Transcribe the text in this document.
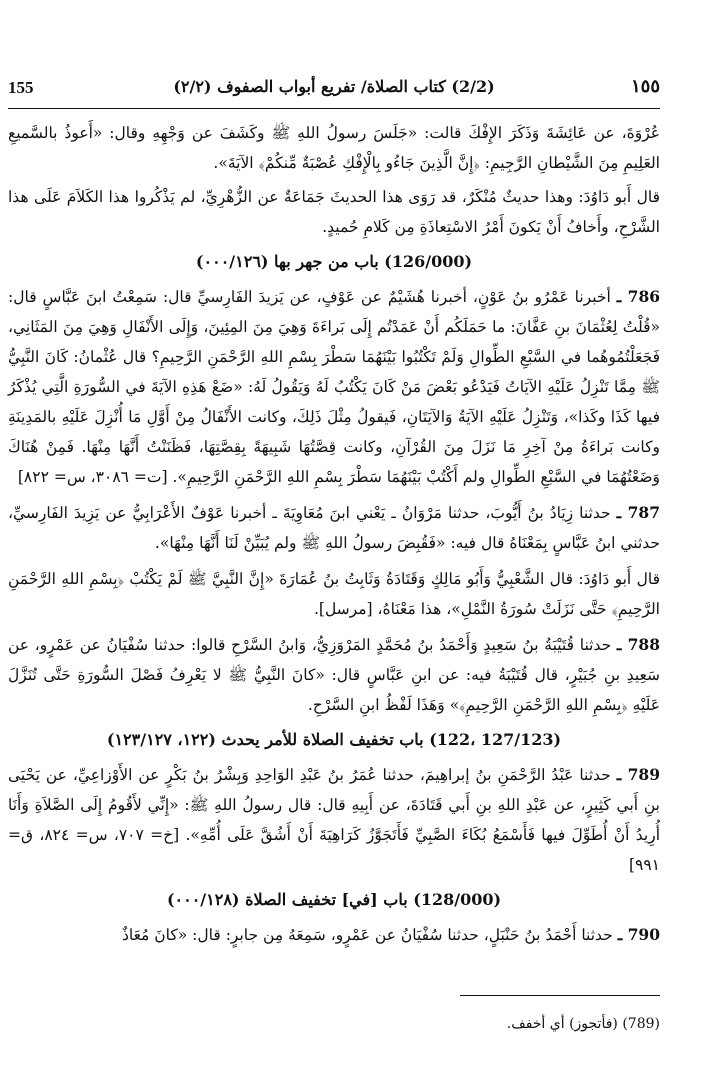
155	(2/2) كتاب الصلاة/ تفريع أبواب الصفوف (٢/٢)	١٥٥

عُرْوَةَ، عن عَائِشَةَ وَذَكَرَ الإِفْكَ قالت: «جَلَسَ رسولُ اللهِ ﷺ وكَشَفَ عن وَجْهِهِ وقال: «أَعوذُ بالسَّميعِ العَلِيمِ مِنَ الشَّيْطانِ الرَّجِيمِ: ﴿إِنَّ الَّذِينَ جَاءُو بِالْإِفْكِ عُصْبَةٌ مِّنكُمْ﴾ الآيَةَ».

قال أَبو دَاوُدَ: وهذا حديثٌ مُنْكَرٌ، قد رَوَى هذا الحديثَ جَمَاعَةٌ عن الزُّهْرِيِّ، لم يَذْكُروا هذا الكَلاَمَ عَلَى هذا الشَّرْحِ، وأَخافُ أَنْ يَكونَ أَمْرُ الاسْتِعاذَةِ مِن كَلامِ حُميدٍ.

(126/000) باب من جهر بها (٠٠٠/١٢٦)

786 ـ أخبرنا عَمْرُو بنُ عَوْنٍ، أخبرنا هُشَيْمٌ عن عَوْفٍ، عن يَزيدَ الفَارِسيِّ قال: سَمِعْتُ ابنَ عَبَّاسٍ قال: «قُلْتُ لِعُثْمَانَ بنِ عَفَّانَ: ما حَمَلَكُم أَنْ عَمَدْتُم إِلَى بَراءَةَ وَهِيَ مِنَ المِئِينَ، وَإِلَى الأَنْفَالِ وَهِيَ مِنَ المَثَانِي، فَجَعَلْتُمُوهُما في السَّبْعِ الطِّوالِ وَلَمْ تَكْتُبُوا بَيْنَهُمَا سَطْرَ بِسْمِ اللهِ الرَّحْمَنِ الرَّحِيمِ؟ قال عُثْمانُ: كَانَ النَّبِيُّ ﷺ مِمَّا تَنْزِلُ عَلَيْهِ الآيَاتُ فَيَدْعُو بَعْضَ مَنْ كَانَ يَكْتُبُ لَهُ وَيَقُولُ لَهُ: «ضَعْ هَذِهِ الآيَةَ في السُّورَةِ الَّتِي يُذْكَرُ فيها كَذَا وكَذا»، وَتَنْزِلُ عَلَيْهِ الآيَةُ وَالآيَتَانِ، فَيقولُ مِثْلَ ذَلِكَ، وكانت الأَنْفَالُ مِنْ أَوَّلِ مَا أُنْزِلَ عَلَيْهِ بالمَدِينَةِ وكانت بَراءَةُ مِنْ آخِرِ مَا نَزَلَ مِنَ القُرْآنِ، وكانت قِصَّتُهَا شَبِيهَةً بِقِصَّتِهَا، فَظَنَنْتُ أَنَّهَا مِنْهَا. فَمِنْ هُنَاكَ وَضَعْتُهُمَا في السَّبْعِ الطِّوالِ ولم أَكْتُبْ بَيْنَهُمَا سَطْرَ بِسْمِ اللهِ الرَّحْمَنِ الرَّحِيمِ». [ت= ٣٠٨٦، س= ٨٢٢]

787 ـ حدثنا زِيَادُ بنُ أَيُّوبَ، حدثنا مَرْوَانُ ـ يَعْني ابنَ مُعَاوِيَةَ ـ أخبرنا عَوْفٌ الأَعْرَابِيُّ عن يَزِيدَ الفَارِسيِّ، حدثني ابنُ عَبَّاسٍ بِمَعْنَاهُ قال فيه: «فَقُبِضَ رسولُ اللهِ ﷺ ولم يُبَيِّنْ لَنَا أَنَّهَا مِنْهَا».

قال أَبو دَاوُدَ: قال الشَّعْبِيُّ وَأَبُو مَالِكٍ وَقَتَادَةُ وَثَابِتُ بنُ عُمَارَةَ «إِنَّ النَّبِيَّ ﷺ لَمْ يَكْتُبْ ﴿بِسْمِ اللهِ الرَّحْمَنِ الرَّحِيمِ﴾ حَتَّى نَزَلَتْ سُورَةُ النَّمْلِ»، هذا مَعْنَاهُ، [مرسل].

788 ـ حدثنا قُتَيْبَةُ بنُ سَعِيدٍ وَأَحْمَدُ بنُ مُحَمَّدٍ المَرْوَزِيُّ، وَابنُ السَّرْحِ قالوا: حدثنا سُفْيَانُ عن عَمْرٍو، عن سَعِيدِ بنِ جُبَيْرٍ، قال قُتَيْبَةُ فيه: عن ابنِ عَبَّاسٍ قال: «كانَ النَّبِيُّ ﷺ لا يَعْرِفُ فَصْلَ السُّورَةِ حَتَّى تُنَزَّلَ عَلَيْهِ ﴿بِسْمِ اللهِ الرَّحْمَنِ الرَّحِيمِ﴾» وَهَذَا لَفْظُ ابنِ السَّرْحِ.

(127/123 ،122) باب تخفيف الصلاة للأمر يحدث (١٢٢، ١٢٣/١٢٧)

789 ـ حدثنا عَبْدُ الرَّحْمَنِ بنُ إبراهِيمَ، حدثنا عُمَرُ بنُ عَبْدِ الوَاحِدِ وَبِشْرُ بنُ بَكْرٍ عن الأَوْزاعِيِّ، عن يَحْيَى بنِ أَبي كَثِيرٍ، عن عَبْدِ اللهِ بنِ أَبي قَتَادَةَ، عن أَبِيهِ قال: قال رسولُ اللهِ ﷺ: «إِنِّي لأَقُومُ إِلَى الصَّلاَةِ وَأَنَا أُرِيدُ أَنْ أُطَوِّلَ فيها فَأَسْمَعُ بُكَاءَ الصَّبِيِّ فَأَتَجَوَّزُ كَرَاهِيَةَ أَنْ أَشُقَّ عَلَى أُمِّهِ». [خ= ٧٠٧، س= ٨٢٤، ق= ٩٩١]

(128/000) باب [في] تخفيف الصلاة (٠٠٠/١٢٨)

790 ـ حدثنا أَحْمَدُ بنُ حَنْبَلٍ، حدثنا سُفْيَانُ عن عَمْرٍو، سَمِعَهُ مِن جابرٍ: قال: «كانَ مُعَاذٌ

(789) (فأتجوز) أي أخفف.
